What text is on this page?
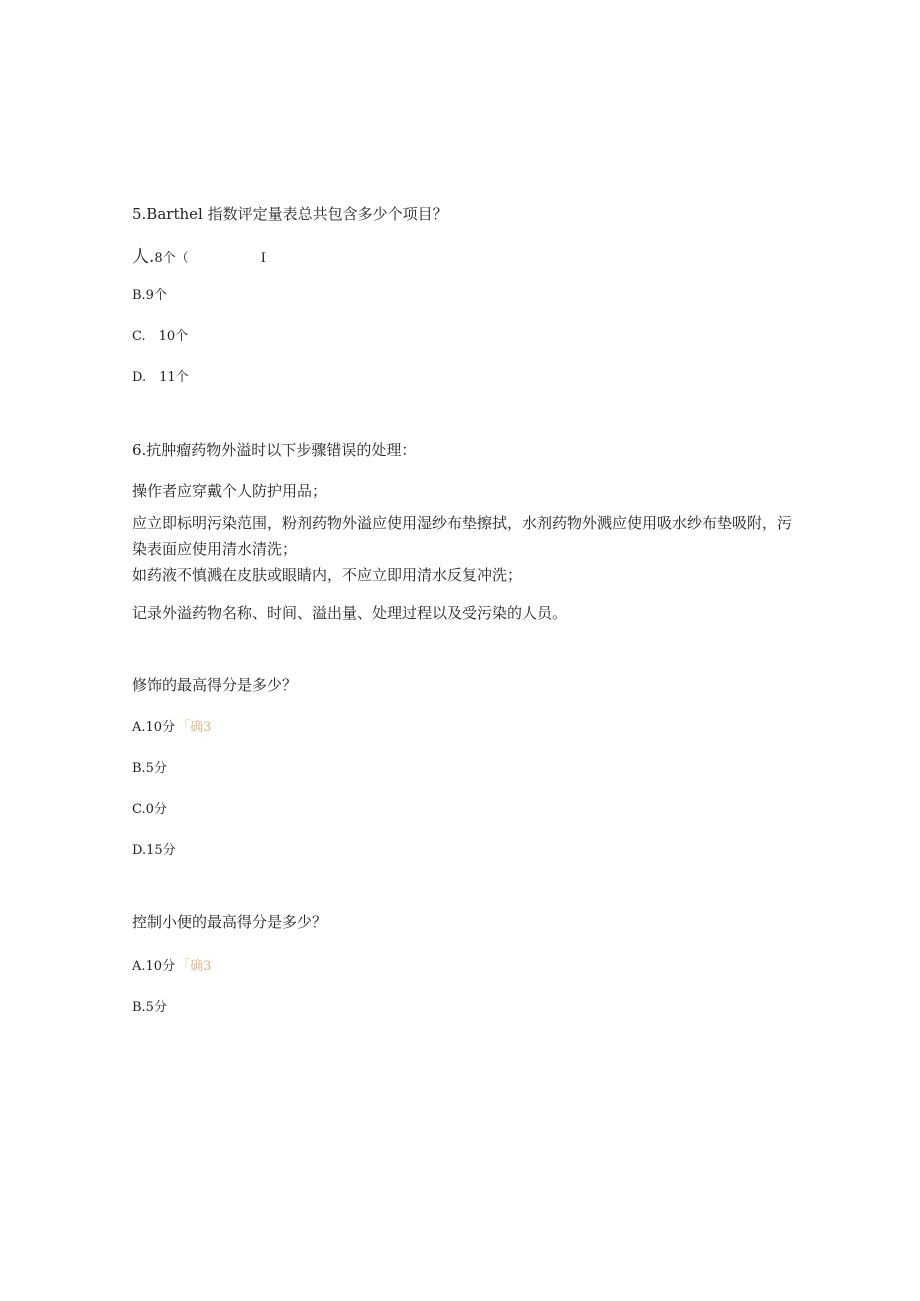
5.Barthel 指数评定量表总共包含多少个项目？
人.8个（	I
B.9个
C.　10个
D.　11个
6.抗肿瘤药物外溢时以下步骤错误的处理：
操作者应穿戴个人防护用品；
应立即标明污染范围，粉剂药物外溢应使用湿纱布垫擦拭，水剂药物外溅应使用吸水纱布垫吸附，污染表面应使用清水清洗；
如药液不慎溅在皮肤或眼睛内，不应立即用清水反复冲洗；
记录外溢药物名称、时间、溢出量、处理过程以及受污染的人员。
修饰的最高得分是多少？
A.10分 「确3
B.5分
C.0分
D.15分
控制小便的最高得分是多少？
A.10分 「确3
B.5分
